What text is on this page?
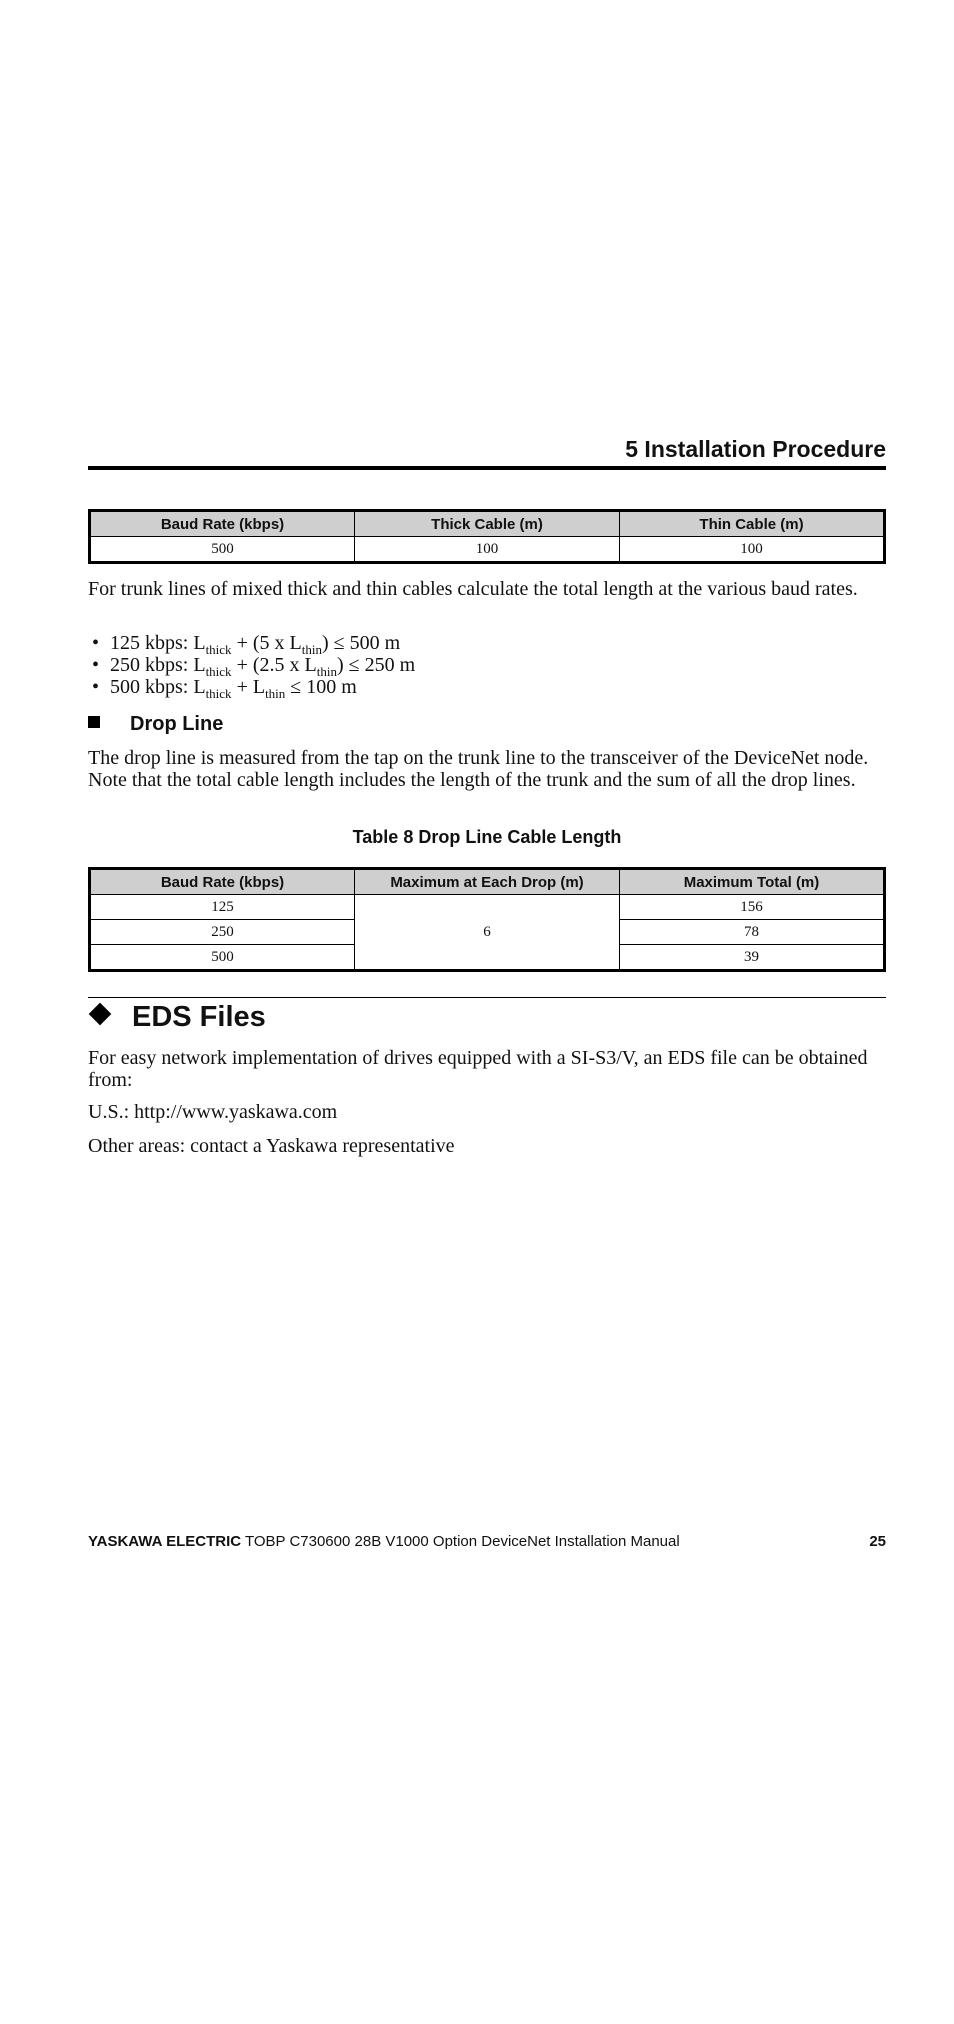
5 Installation Procedure
Baud Rate (kbps)	Thick Cable (m)	Thin Cable (m)
500	100	100

For trunk lines of mixed thick and thin cables calculate the total length at the various baud rates.

• 125 kbps: $L_{thick} + (5$ x $L_{thin}) \le 500$ m
• 250 kbps: $L_{thick} + (2.5$ x $L_{thin}) \le 250$ m
• 500 kbps: $L_{thick} + L_{thin} \le 100$ m
Drop Line

The drop line is measured from the tap on the trunk line to the transceiver of the DeviceNet node. Note that the total cable length includes the length of the trunk and the sum of all the drop lines.

Table 8 Drop Line Cable Length
Baud Rate (kbps)	Maximum at Each Drop (m)	Maximum Total (m)
125	6	156
250		78
500		39
EDS Files

For easy network implementation of drives equipped with a SI-S3/V, an EDS file can be obtained from:

U.S.: http://www.yaskawa.com

Other areas: contact a Yaskawa representative

YASKAWA ELECTRIC TOBP C730600 28B V1000 Option DeviceNet Installation Manual	25
